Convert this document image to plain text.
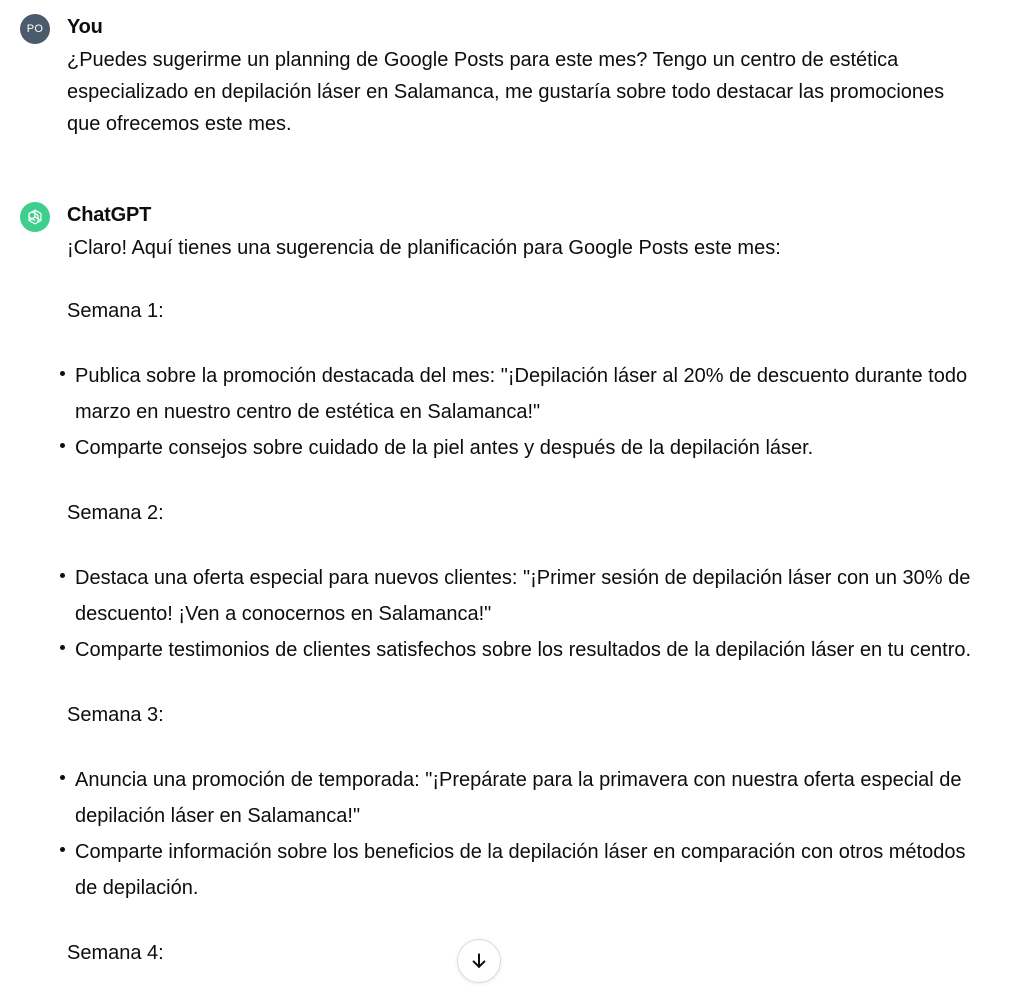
PO You

¿Puedes sugerirme un planning de Google Posts para este mes? Tengo un centro de estética especializado en depilación láser en Salamanca, me gustaría sobre todo destacar las promociones que ofrecemos este mes.

ChatGPT

¡Claro! Aquí tienes una sugerencia de planificación para Google Posts este mes:

Semana 1:

Publica sobre la promoción destacada del mes: "¡Depilación láser al 20% de descuento durante todo marzo en nuestro centro de estética en Salamanca!"
Comparte consejos sobre cuidado de la piel antes y después de la depilación láser.

Semana 2:

Destaca una oferta especial para nuevos clientes: "¡Primer sesión de depilación láser con un 30% de descuento! ¡Ven a conocernos en Salamanca!"
Comparte testimonios de clientes satisfechos sobre los resultados de la depilación láser en tu centro.

Semana 3:

Anuncia una promoción de temporada: "¡Prepárate para la primavera con nuestra oferta especial de depilación láser en Salamanca!"
Comparte información sobre los beneficios de la depilación láser en comparación con otros métodos de depilación.

Semana 4:
